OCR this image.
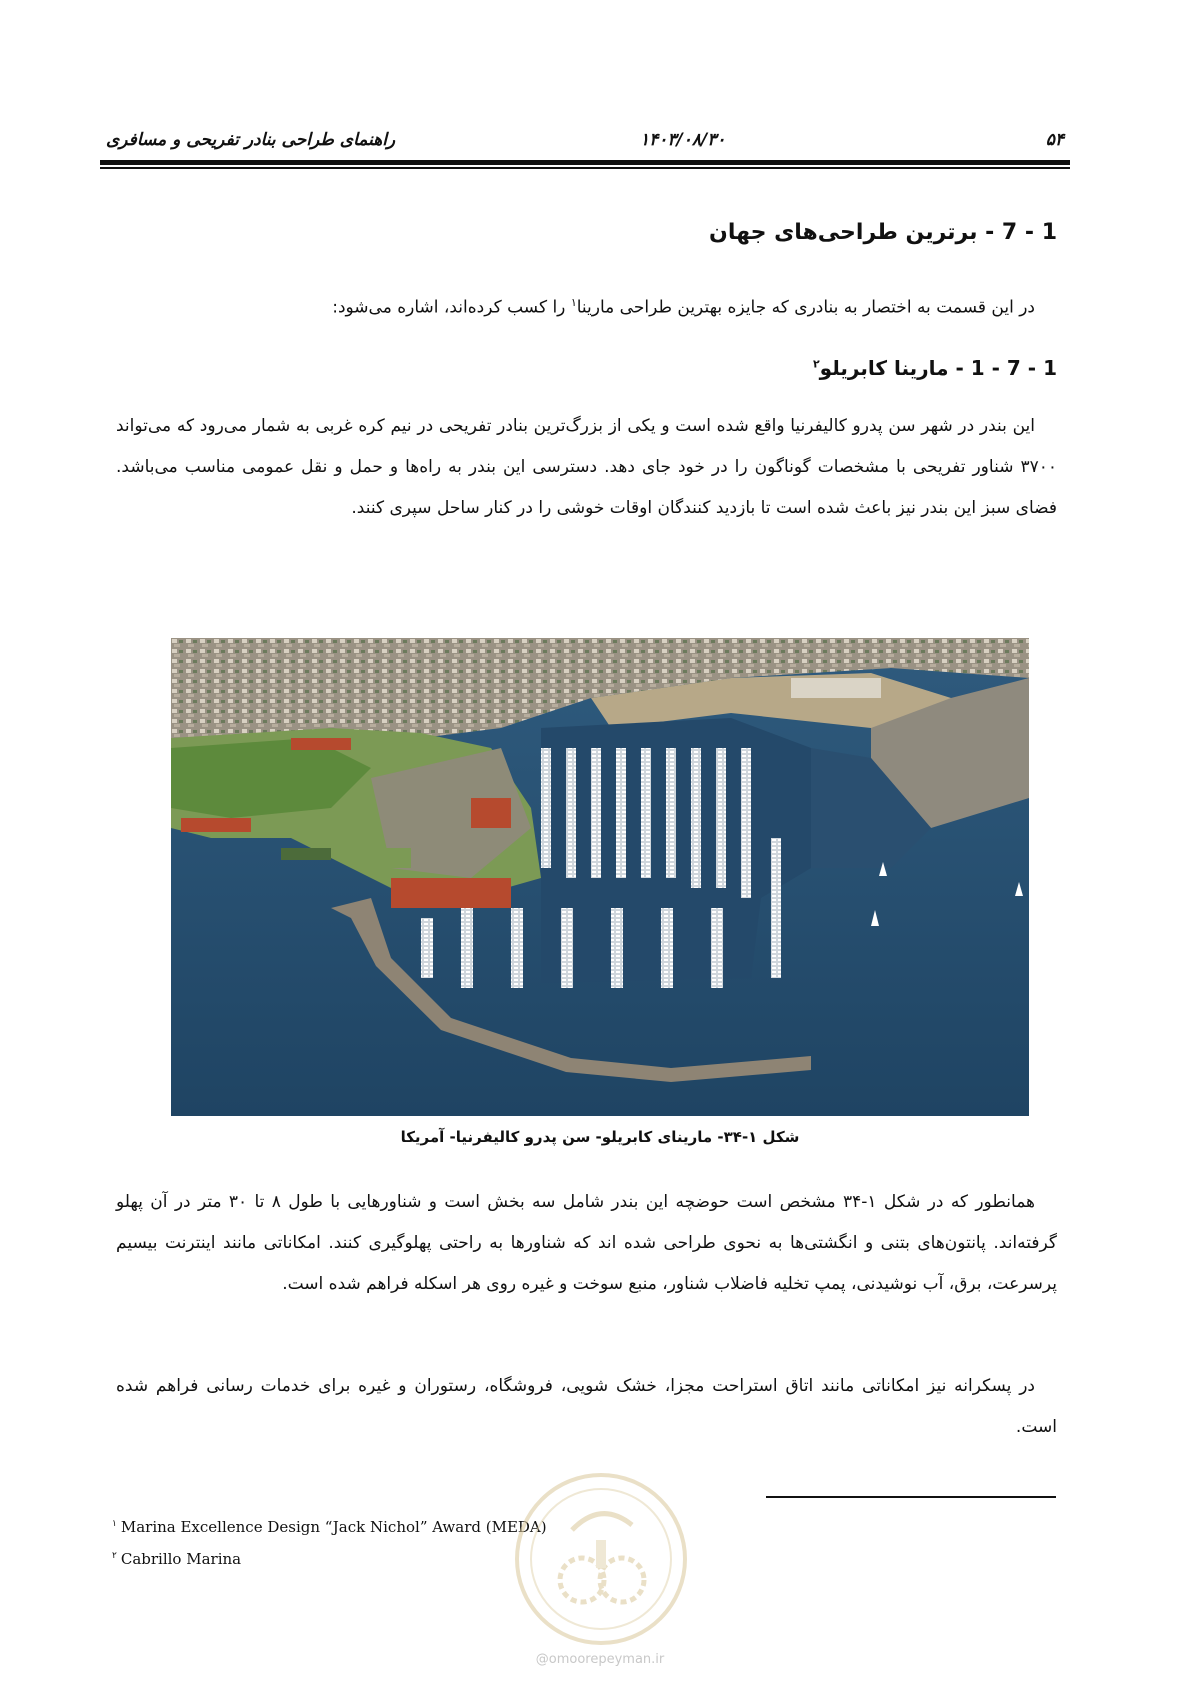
راهنمای طراحی بنادر تفریحی و مسافری	۱۴۰۳/۰۸/۳۰	۵۴
1 - 7 - برترین طراحی‌های جهان
در این قسمت به اختصار به بنادری که جایزه بهترین طراحی مارینا$^۱$ را کسب کرده‌اند، اشاره می‌شود:
1 - 7 - 1 - مارینا کابریلو$^۲$
این بندر در شهر سن پدرو کالیفرنیا واقع شده است و یکی از بزرگ‌ترین بنادر تفریحی در نیم کره غربی به شمار می‌رود که می‌تواند ۳۷۰۰ شناور تفریحی با مشخصات گوناگون را در خود جای دهد. دسترسی این بندر به راه‌ها و حمل و نقل عمومی مناسب می‌باشد. فضای سبز این بندر نیز باعث شده است تا بازدید کنندگان اوقات خوشی را در کنار ساحل سپری کنند.
شکل ۱-۳۴- مارینای کابریلو- سن پدرو کالیفرنیا- آمریکا
همانطور که در شکل ۱-۳۴ مشخص است حوضچه این بندر شامل سه بخش است و شناورهایی با طول ۸ تا ۳۰ متر در آن پهلو گرفته‌اند. پانتون‌های بتنی و انگشتی‌ها به نحوی طراحی شده اند که شناورها به راحتی پهلوگیری کنند. امکاناتی مانند اینترنت بیسیم پرسرعت، برق، آب نوشیدنی، پمپ تخلیه فاضلاب شناور، منبع سوخت و غیره روی هر اسکله فراهم شده است.
در پسکرانه نیز امکاناتی مانند اتاق استراحت مجزا، خشک شویی، فروشگاه، رستوران و غیره برای خدمات رسانی فراهم شده است.
$^۱$ Marina Excellence Design “Jack Nichol” Award (MEDA)
$^۲$ Cabrillo Marina
@omoorepeyman.ir
